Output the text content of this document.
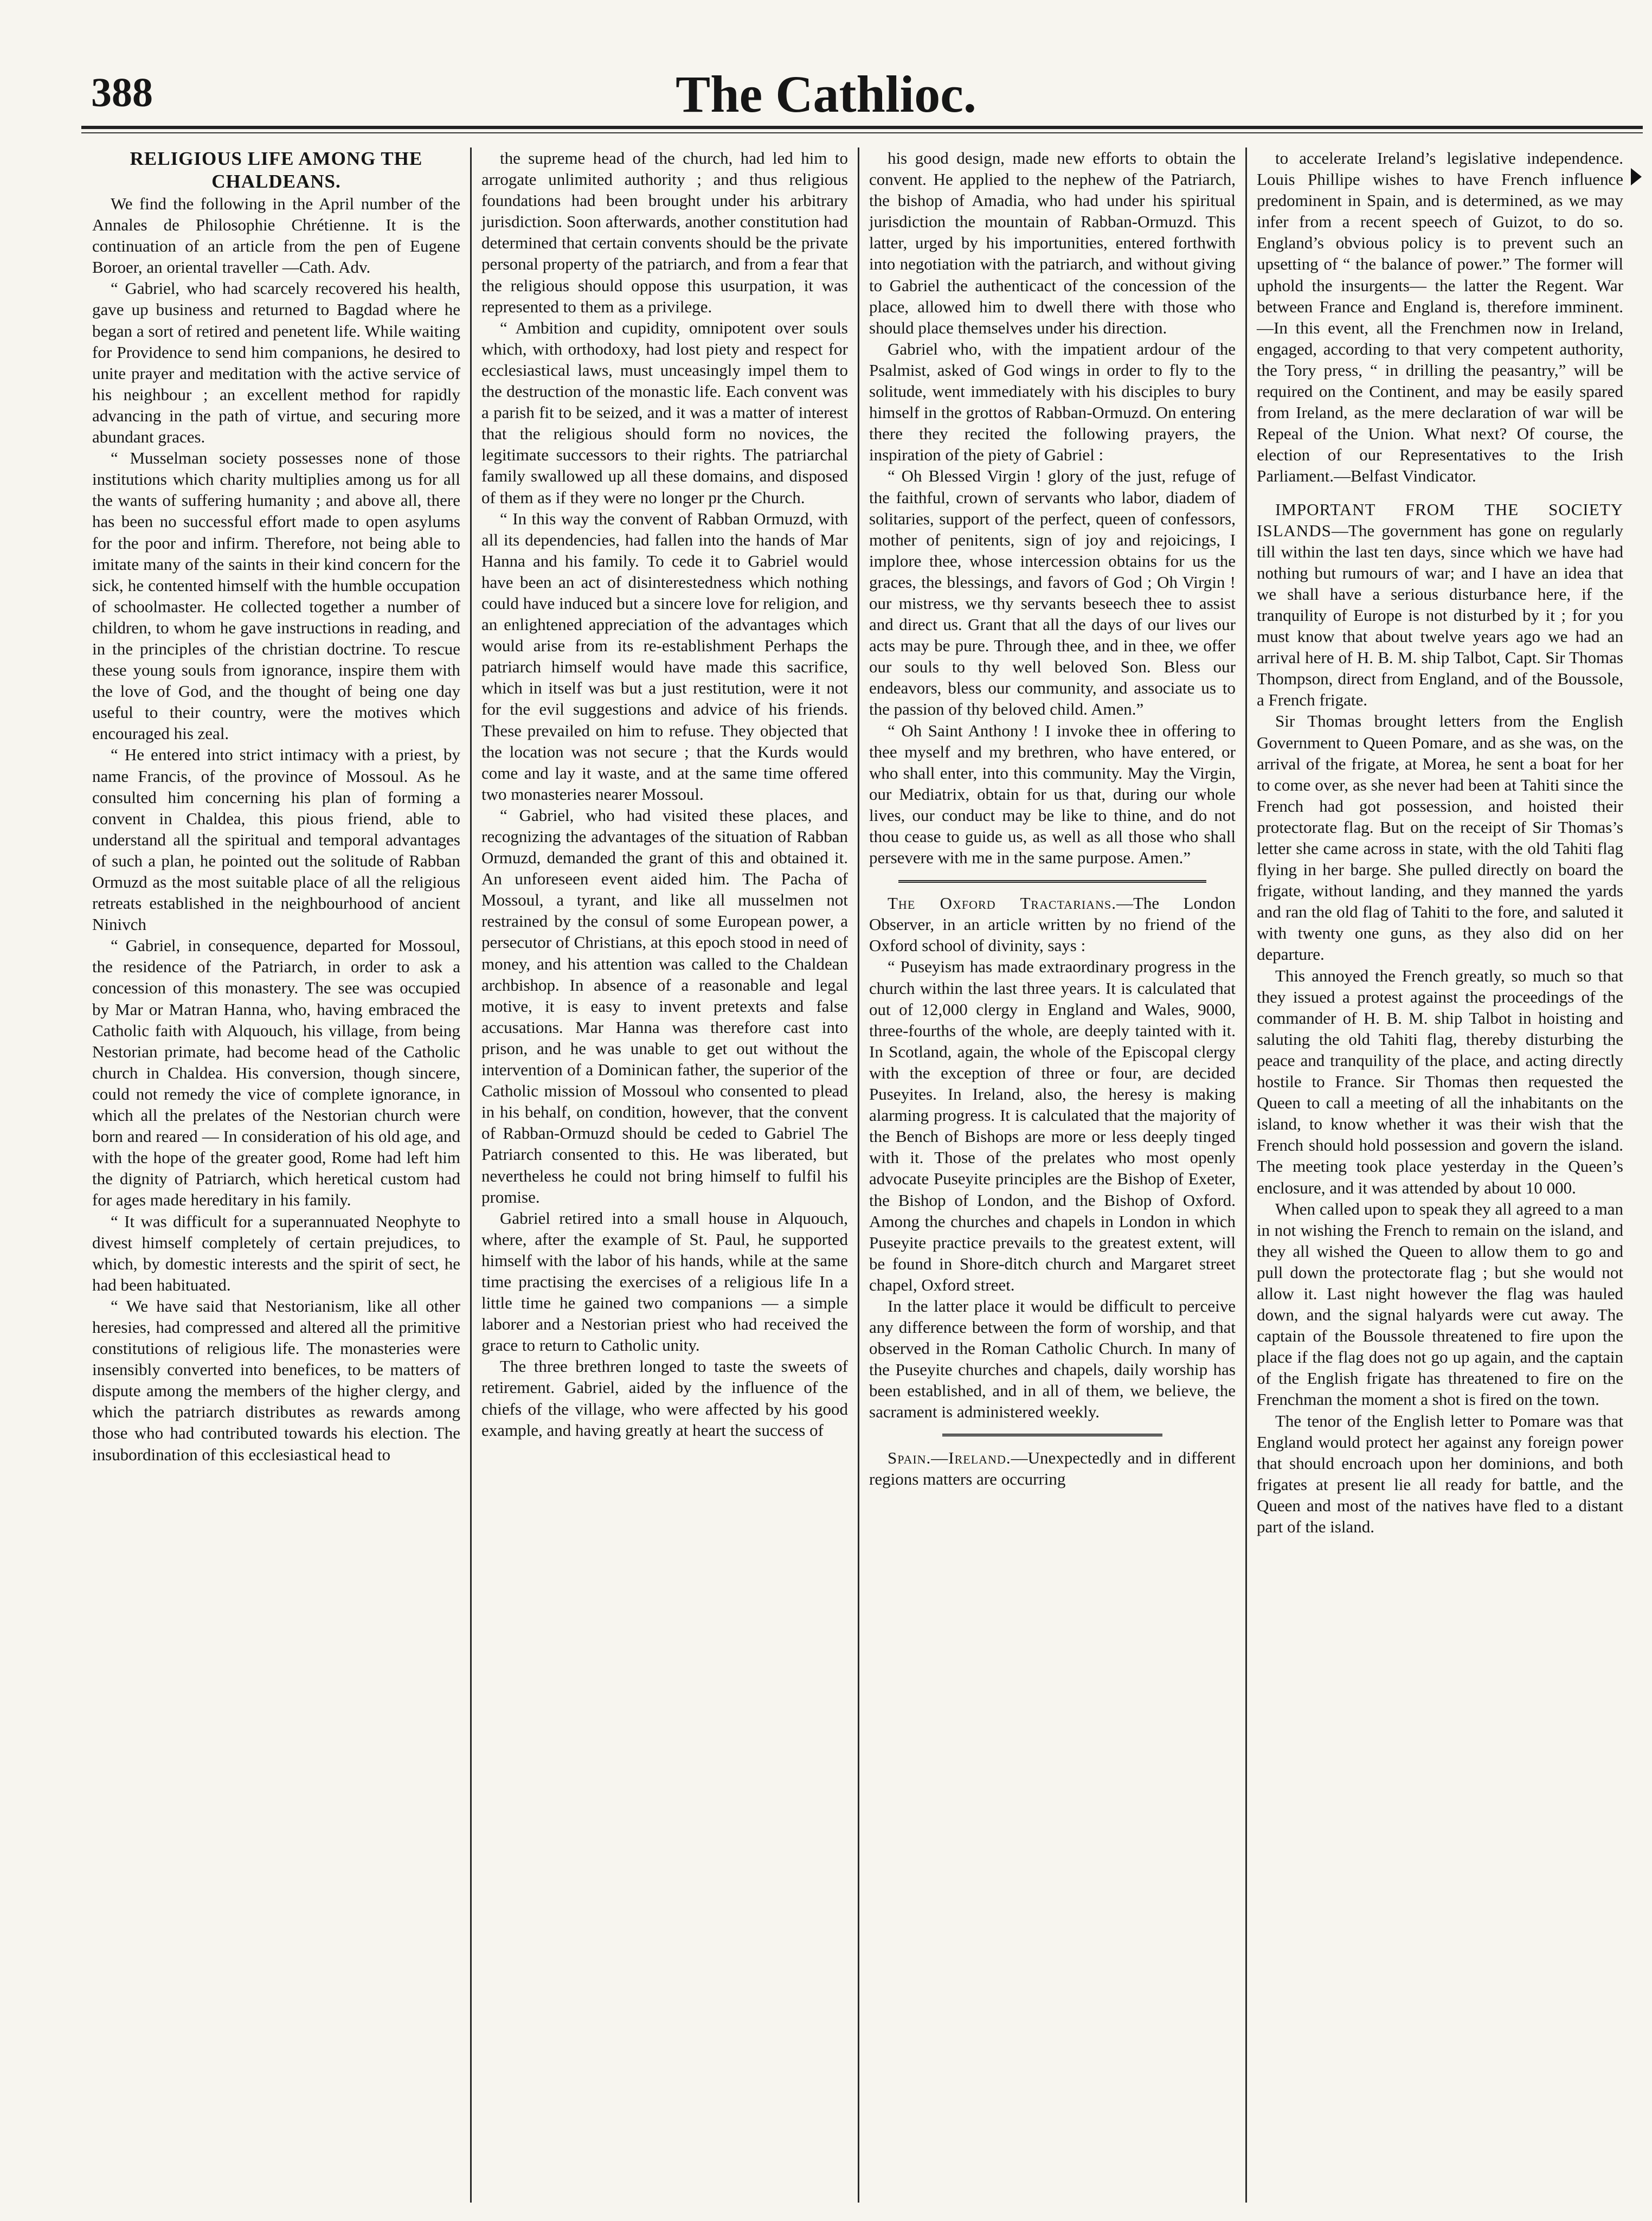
388	The Cathlioc.

RELIGIOUS LIFE AMONG THE CHALDEANS.

We find the following in the April number of the Annales de Philosophie Chrétienne. It is the continuation of an article from the pen of Eugene Boroer, an oriental traveller —Cath. Adv.

“ Gabriel, who had scarcely recovered his health, gave up business and returned to Bagdad where he began a sort of retired and penetent life. While waiting for Providence to send him companions, he desired to unite prayer and meditation with the active service of his neighbour ; an excellent method for rapidly advancing in the path of virtue, and securing more abundant graces.

“ Musselman society possesses none of those institutions which charity multiplies among us for all the wants of suffering humanity ; and above all, there has been no successful effort made to open asylums for the poor and infirm. Therefore, not being able to imitate many of the saints in their kind concern for the sick, he contented himself with the humble occupation of schoolmaster. He collected together a number of children, to whom he gave instructions in reading, and in the principles of the christian doctrine. To rescue these young souls from ignorance, inspire them with the love of God, and the thought of being one day useful to their country, were the motives which encouraged his zeal.

“ He entered into strict intimacy with a priest, by name Francis, of the province of Mossoul. As he consulted him concerning his plan of forming a convent in Chaldea, this pious friend, able to understand all the spiritual and temporal advantages of such a plan, he pointed out the solitude of Rabban Ormuzd as the most suitable place of all the religious retreats established in the neighbourhood of ancient Ninivch

“ Gabriel, in consequence, departed for Mossoul, the residence of the Patriarch, in order to ask a concession of this monastery. The see was occupied by Mar or Matran Hanna, who, having embraced the Catholic faith with Alquouch, his village, from being Nestorian primate, had become head of the Catholic church in Chaldea. His conversion, though sincere, could not remedy the vice of complete ignorance, in which all the prelates of the Nestorian church were born and reared — In consideration of his old age, and with the hope of the greater good, Rome had left him the dignity of Patriarch, which heretical custom had for ages made hereditary in his family.

“ It was difficult for a superannuated Neophyte to divest himself completely of certain prejudices, to which, by domestic interests and the spirit of sect, he had been habituated.

“ We have said that Nestorianism, like all other heresies, had compressed and altered all the primitive constitutions of religious life. The monasteries were insensibly converted into benefices, to be matters of dispute among the members of the higher clergy, and which the patriarch distributes as rewards among those who had contributed towards his election. The insubordination of this ecclesiastical head to

the supreme head of the church, had led him to arrogate unlimited authority ; and thus religious foundations had been brought under his arbitrary jurisdiction. Soon afterwards, another constitution had determined that certain convents should be the private personal property of the patriarch, and from a fear that the religious should oppose this usurpation, it was represented to them as a privilege.

“ Ambition and cupidity, omnipotent over souls which, with orthodoxy, had lost piety and respect for ecclesiastical laws, must unceasingly impel them to the destruction of the monastic life. Each convent was a parish fit to be seized, and it was a matter of interest that the religious should form no novices, the legitimate successors to their rights. The patriarchal family swallowed up all these domains, and disposed of them as if they were no longer pr the Church.

“ In this way the convent of Rabban Ormuzd, with all its dependencies, had fallen into the hands of Mar Hanna and his family. To cede it to Gabriel would have been an act of disinterestedness which nothing could have induced but a sincere love for religion, and an enlightened appreciation of the advantages which would arise from its re-establishment Perhaps the patriarch himself would have made this sacrifice, which in itself was but a just restitution, were it not for the evil suggestions and advice of his friends. These prevailed on him to refuse. They objected that the location was not secure ; that the Kurds would come and lay it waste, and at the same time offered two monasteries nearer Mossoul.

“ Gabriel, who had visited these places, and recognizing the advantages of the situation of Rabban Ormuzd, demanded the grant of this and obtained it. An unforeseen event aided him. The Pacha of Mossoul, a tyrant, and like all musselmen not restrained by the consul of some European power, a persecutor of Christians, at this epoch stood in need of money, and his attention was called to the Chaldean archbishop. In absence of a reasonable and legal motive, it is easy to invent pretexts and false accusations. Mar Hanna was therefore cast into prison, and he was unable to get out without the intervention of a Dominican father, the superior of the Catholic mission of Mossoul who consented to plead in his behalf, on condition, however, that the convent of Rabban-Ormuzd should be ceded to Gabriel The Patriarch consented to this. He was liberated, but nevertheless he could not bring himself to fulfil his promise.

Gabriel retired into a small house in Alquouch, where, after the example of St. Paul, he supported himself with the labor of his hands, while at the same time practising the exercises of a religious life In a little time he gained two companions — a simple laborer and a Nestorian priest who had received the grace to return to Catholic unity.

The three brethren longed to taste the sweets of retirement. Gabriel, aided by the influence of the chiefs of the village, who were affected by his good example, and having greatly at heart the success of

his good design, made new efforts to obtain the convent. He applied to the nephew of the Patriarch, the bishop of Amadia, who had under his spiritual jurisdiction the mountain of Rabban-Ormuzd. This latter, urged by his importunities, entered forthwith into negotiation with the patriarch, and without giving to Gabriel the authenticact of the concession of the place, allowed him to dwell there with those who should place themselves under his direction.

Gabriel who, with the impatient ardour of the Psalmist, asked of God wings in order to fly to the solitude, went immediately with his disciples to bury himself in the grottos of Rabban-Ormuzd. On entering there they recited the following prayers, the inspiration of the piety of Gabriel :

“ Oh Blessed Virgin ! glory of the just, refuge of the faithful, crown of servants who labor, diadem of solitaries, support of the perfect, queen of confessors, mother of penitents, sign of joy and rejoicings, I implore thee, whose intercession obtains for us the graces, the blessings, and favors of God ; Oh Virgin ! our mistress, we thy servants beseech thee to assist and direct us. Grant that all the days of our lives our acts may be pure. Through thee, and in thee, we offer our souls to thy well beloved Son. Bless our endeavors, bless our community, and associate us to the passion of thy beloved child. Amen.”

“ Oh Saint Anthony ! I invoke thee in offering to thee myself and my brethren, who have entered, or who shall enter, into this community. May the Virgin, our Mediatrix, obtain for us that, during our whole lives, our conduct may be like to thine, and do not thou cease to guide us, as well as all those who shall persevere with me in the same purpose. Amen.”

The Oxford Tractarians.—The London Observer, in an article written by no friend of the Oxford school of divinity, says :

“ Puseyism has made extraordinary progress in the church within the last three years. It is calculated that out of 12,000 clergy in England and Wales, 9000, three-fourths of the whole, are deeply tainted with it. In Scotland, again, the whole of the Episcopal clergy with the exception of three or four, are decided Puseyites. In Ireland, also, the heresy is making alarming progress. It is calculated that the majority of the Bench of Bishops are more or less deeply tinged with it. Those of the prelates who most openly advocate Puseyite principles are the Bishop of Exeter, the Bishop of London, and the Bishop of Oxford. Among the churches and chapels in London in which Puseyite practice prevails to the greatest extent, will be found in Shore-ditch church and Margaret street chapel, Oxford street.

In the latter place it would be difficult to perceive any difference between the form of worship, and that observed in the Roman Catholic Church. In many of the Puseyite churches and chapels, daily worship has been established, and in all of them, we believe, the sacrament is administered weekly.

Spain.—Ireland.—Unexpectedly and in different regions matters are occurring

to accelerate Ireland’s legislative independence. Louis Phillipe wishes to have French influence predominent in Spain, and is determined, as we may infer from a recent speech of Guizot, to do so. England’s obvious policy is to prevent such an upsetting of “ the balance of power.” The former will uphold the insurgents— the latter the Regent. War between France and England is, therefore imminent.—In this event, all the Frenchmen now in Ireland, engaged, according to that very competent authority, the Tory press, “ in drilling the peasantry,” will be required on the Continent, and may be easily spared from Ireland, as the mere declaration of war will be Repeal of the Union. What next? Of course, the election of our Representatives to the Irish Parliament.—Belfast Vindicator.

IMPORTANT FROM THE SOCIETY ISLANDS—The government has gone on regularly till within the last ten days, since which we have had nothing but rumours of war; and I have an idea that we shall have a serious disturbance here, if the tranquility of Europe is not disturbed by it ; for you must know that about twelve years ago we had an arrival here of H. B. M. ship Talbot, Capt. Sir Thomas Thompson, direct from England, and of the Boussole, a French frigate.

Sir Thomas brought letters from the English Government to Queen Pomare, and as she was, on the arrival of the frigate, at Morea, he sent a boat for her to come over, as she never had been at Tahiti since the French had got possession, and hoisted their protectorate flag. But on the receipt of Sir Thomas’s letter she came across in state, with the old Tahiti flag flying in her barge. She pulled directly on board the frigate, without landing, and they manned the yards and ran the old flag of Tahiti to the fore, and saluted it with twenty one guns, as they also did on her departure.

This annoyed the French greatly, so much so that they issued a protest against the proceedings of the commander of H. B. M. ship Talbot in hoisting and saluting the old Tahiti flag, thereby disturbing the peace and tranquility of the place, and acting directly hostile to France. Sir Thomas then requested the Queen to call a meeting of all the inhabitants on the island, to know whether it was their wish that the French should hold possession and govern the island. The meeting took place yesterday in the Queen’s enclosure, and it was attended by about 10 000.

When called upon to speak they all agreed to a man in not wishing the French to remain on the island, and they all wished the Queen to allow them to go and pull down the protectorate flag ; but she would not allow it. Last night however the flag was hauled down, and the signal halyards were cut away. The captain of the Boussole threatened to fire upon the place if the flag does not go up again, and the captain of the English frigate has threatened to fire on the Frenchman the moment a shot is fired on the town.

The tenor of the English letter to Pomare was that England would protect her against any foreign power that should encroach upon her dominions, and both frigates at present lie all ready for battle, and the Queen and most of the natives have fled to a distant part of the island.
